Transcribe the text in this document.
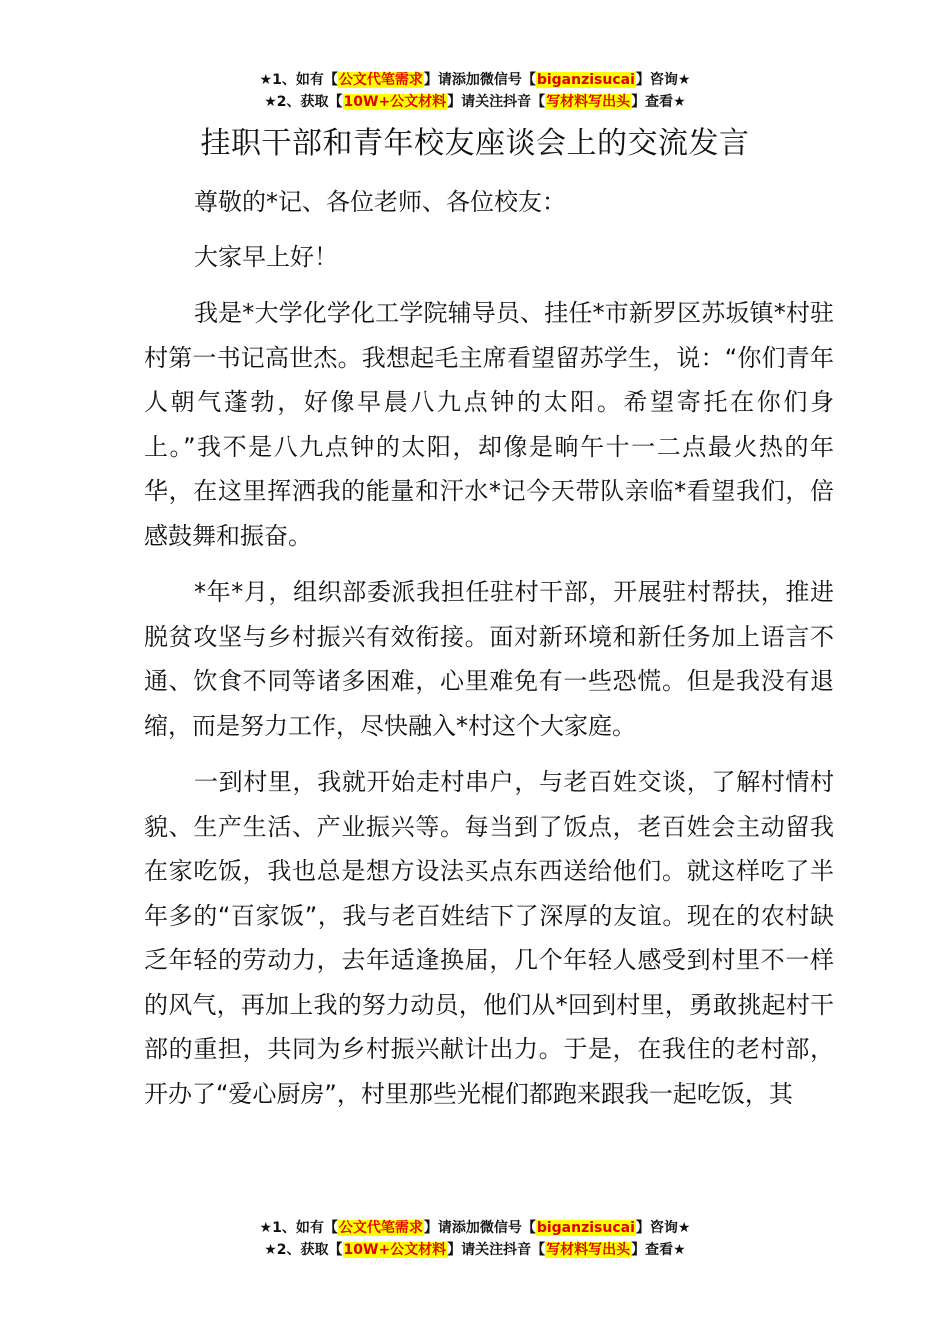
★1、如有【公文代笔需求】请添加微信号【biganzisucai】咨询★
★2、获取【10W+公文材料】请关注抖音【写材料写出头】查看★
挂职干部和青年校友座谈会上的交流发言

尊敬的*记、各位老师、各位校友：

大家早上好！

我是*大学化学化工学院辅导员、挂任*市新罗区苏坂镇*村驻村第一书记高世杰。我想起毛主席看望留苏学生，说：“你们青年人朝气蓬勃，好像早晨八九点钟的太阳。希望寄托在你们身上。”我不是八九点钟的太阳，却像是晌午十一二点最火热的年华，在这里挥洒我的能量和汗水*记今天带队亲临*看望我们，倍感鼓舞和振奋。

*年*月，组织部委派我担任驻村干部，开展驻村帮扶，推进脱贫攻坚与乡村振兴有效衔接。面对新环境和新任务加上语言不通、饮食不同等诸多困难，心里难免有一些恐慌。但是我没有退缩，而是努力工作，尽快融入*村这个大家庭。

一到村里，我就开始走村串户，与老百姓交谈，了解村情村貌、生产生活、产业振兴等。每当到了饭点，老百姓会主动留我在家吃饭，我也总是想方设法买点东西送给他们。就这样吃了半年多的“百家饭”，我与老百姓结下了深厚的友谊。现在的农村缺乏年轻的劳动力，去年适逢换届，几个年轻人感受到村里不一样的风气，再加上我的努力动员，他们从*回到村里，勇敢挑起村干部的重担，共同为乡村振兴献计出力。于是，在我住的老村部，开办了“爱心厨房”，村里那些光棍们都跑来跟我一起吃饭，其

★1、如有【公文代笔需求】请添加微信号【biganzisucai】咨询★
★2、获取【10W+公文材料】请关注抖音【写材料写出头】查看★
